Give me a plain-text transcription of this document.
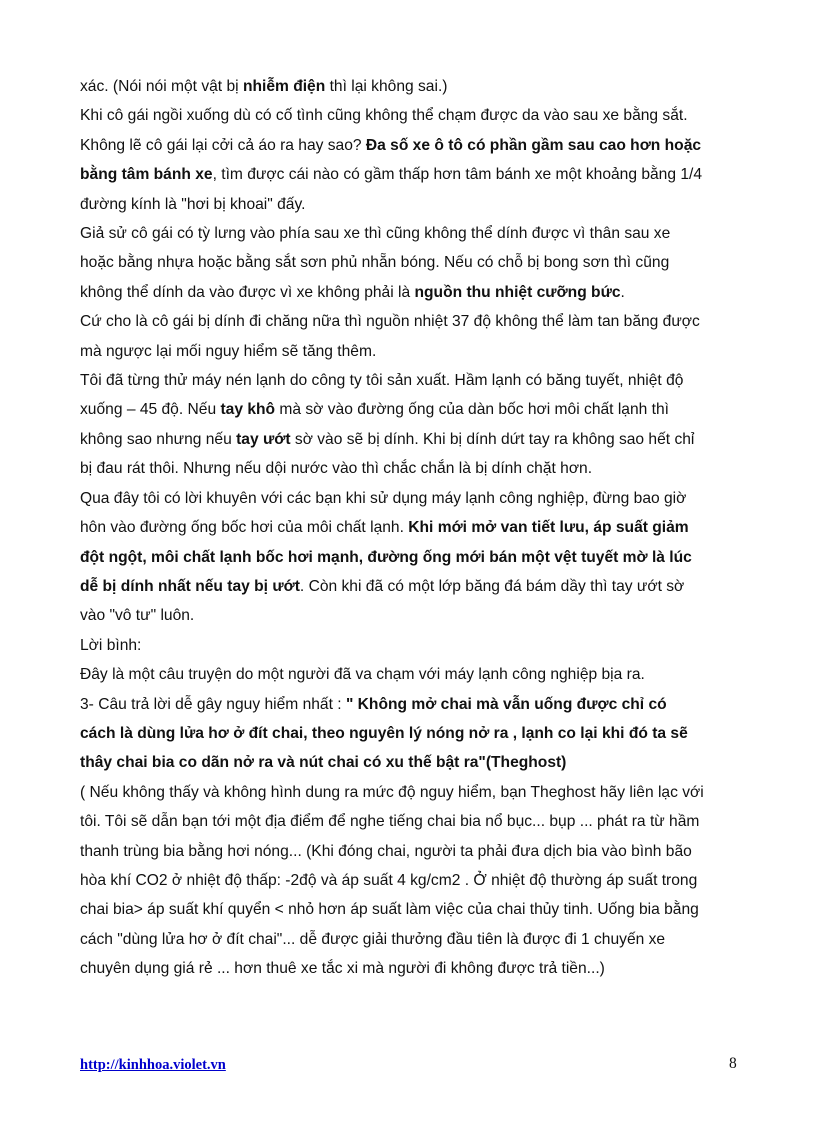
xác. (Nói nói một vật bị nhiễm điện thì lại không sai.)
Khi cô gái ngồi xuống dù có cố tình cũng không thể chạm được da vào sau xe bằng sắt.
Không lẽ cô gái lại cởi cả áo ra hay sao? Đa số xe ô tô có phần gầm sau cao hơn hoặc
bằng tâm bánh xe, tìm được cái nào có gầm thấp hơn tâm bánh xe một khoảng bằng 1/4
đường kính là "hơi bị khoai" đấy.
Giả sử cô gái có tỳ lưng vào phía sau xe thì cũng không thể dính được vì thân sau xe
hoặc bằng nhựa hoặc bằng sắt sơn phủ nhẵn bóng. Nếu có chỗ bị bong sơn thì cũng
không thể dính da vào được vì xe không phải là nguồn thu nhiệt cưỡng bức.
Cứ cho là cô gái bị dính đi chăng nữa thì nguồn nhiệt 37 độ không thể làm tan băng được
mà ngược lại mối nguy hiểm sẽ tăng thêm.
Tôi đã từng thử máy nén lạnh do công ty tôi sản xuất. Hầm lạnh có băng tuyết, nhiệt độ
xuống – 45 độ. Nếu tay khô mà sờ vào đường ống của dàn bốc hơi môi chất lạnh thì
không sao nhưng nếu tay ướt sờ vào sẽ bị dính. Khi bị dính dứt tay ra không sao hết chỉ
bị đau rát thôi. Nhưng nếu dội nước vào thì chắc chắn là bị dính chặt hơn.
Qua đây tôi có lời khuyên với các bạn khi sử dụng máy lạnh công nghiệp, đừng bao giờ
hôn vào đường ống bốc hơi của môi chất lạnh. Khi mới mở van tiết lưu, áp suất giảm
đột ngột, môi chất lạnh bốc hơi mạnh, đường ống mới bán một vệt tuyết mờ là lúc
dễ bị dính nhất nếu tay bị ướt. Còn khi đã có một lớp băng đá bám dầy thì tay ướt sờ
vào "vô tư" luôn.
Lời bình:
Đây là một câu truyện do một người đã va chạm với máy lạnh công nghiệp bịa ra.
3- Câu trả lời dễ gây nguy hiểm nhất : " Không mở chai mà vẫn uống được chỉ có
cách là dùng lửa hơ ở đít chai, theo nguyên lý nóng nở ra , lạnh co lại khi đó ta sẽ
thây chai bia co dãn nở ra và nút chai có xu thế bật ra"(Theghost)
( Nếu không thấy và không hình dung ra mức độ nguy hiểm, bạn Theghost hãy liên lạc với
tôi. Tôi sẽ dẫn bạn tới một địa điểm để nghe tiếng chai bia nổ bục... bụp ... phát ra từ hầm
thanh trùng bia bằng hơi nóng... (Khi đóng chai, người ta phải đưa dịch bia vào bình bão
hòa khí CO2 ở nhiệt độ thấp: -2độ và áp suất 4 kg/cm2 . Ở nhiệt độ thường áp suất trong
chai bia> áp suất khí quyển < nhỏ hơn áp suất làm việc của chai thủy tinh. Uống bia bằng
cách "dùng lửa hơ ở đít chai"... dễ được giải thưởng đầu tiên là được đi 1 chuyến xe
chuyên dụng giá rẻ ... hơn thuê xe tắc xi mà người đi không được trả tiền...)
http://kinhhoa.violet.vn	8
